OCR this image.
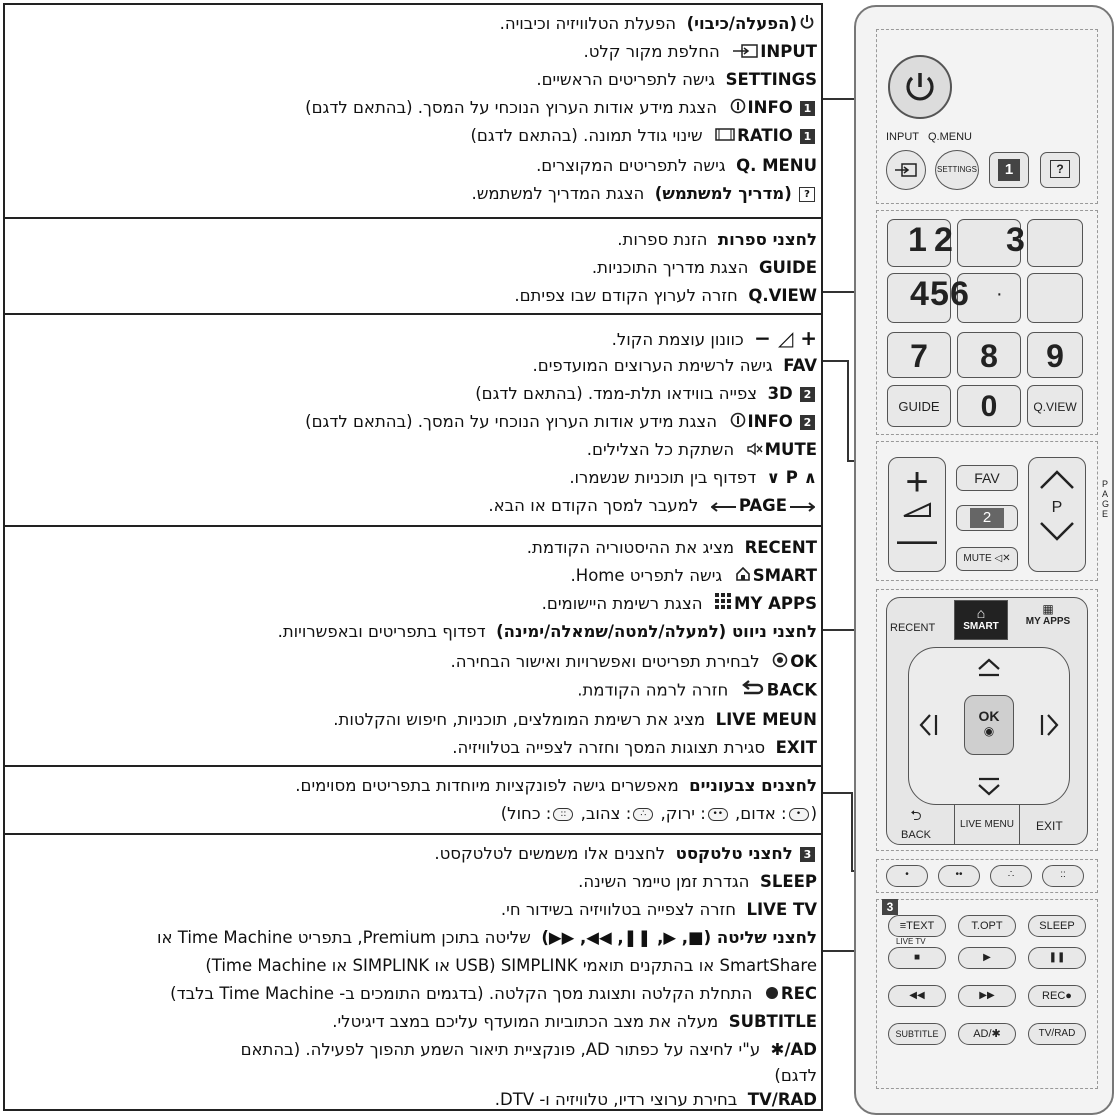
(הפעלה/כיבוי)  הפעלת הטלוויזיה וכיבויה.
INPUT  החלפת מקור קלט.
SETTINGS  גישה לתפריטים הראשיים.
1 INFO  הצגת מידע אודות הערוץ הנוכחי על המסך. (בהתאם לדגם)
1 RATIO  שינוי גודל תמונה. (בהתאם לדגם)
Q. MENU  גישה לתפריטים המקוצרים.
? (מדריך למשתמש)  הצגת המדריך למשתמש.
לחצני ספרות  הזנת ספרות.
GUIDE  הצגת מדריך התוכניות.
Q.VIEW  חזרה לערוץ הקודם שבו צפיתם.
+ ◿ −  כוונון עוצמת הקול.
FAV  גישה לרשימת הערוצים המועדפים.
2 3D  צפייה בווידאו תלת-ממד. (בהתאם לדגם)
2 INFO  הצגת מידע אודות הערוץ הנוכחי על המסך. (בהתאם לדגם)
MUTE  השתקת כל הצלילים.
∧ P ∨  דפדוף בין תוכניות שנשמרו.
PAGE  למעבר למסך הקודם או הבא.
RECENT  מציג את ההיסטוריה הקודמת.
SMART  גישה לתפריט Home.
MY APPS  הצגת רשימת היישומים.
לחצני ניווט (למעלה/למטה/שמאלה/ימינה)  דפדוף בתפריטים ובאפשרויות.
OK  לבחירת תפריטים ואפשרויות ואישור הבחירה.
BACK  חזרה לרמה הקודמת.
LIVE MEUN  מציג את רשימת המומלצים, תוכניות, חיפוש והקלטות.
EXIT  סגירת תצוגות המסך וחזרה לצפייה בטלוויזיה.
לחצנים צבעוניים  מאפשרים גישה לפונקציות מיוחדות בתפריטים מסוימים.
(•: אדום, ••: ירוק, ∴: צהוב, ::: כחול)
3 לחצני טלטקסט  לחצנים אלו משמשים לטלטקסט.
SLEEP  הגדרת זמן טיימר השינה.
LIVE TV  חזרה לצפייה בטלוויזיה בשידור חי.
לחצני שליטה (■, ▶, ❚❚, ◀◀, ▶▶)  שליטה בתוכן Premium, בתפריט Time Machine או
SmartShare או בהתקנים תואמי SIMPLINK (USB או SIMPLINK או Time Machine)
REC  התחלת הקלטה ותצוגת מסך הקלטה. (בדגמים התומכים ב- Time Machine בלבד)
SUBTITLE  מעלה את מצב הכתוביות המועדף עליכם במצב דיגיטלי.
AD/✱  ע"י לחיצה על כפתור AD, פונקציית תיאור השמע תהפוך לפעילה. (בהתאם
לדגם)
TV/RAD  בחירת ערוצי רדיו, טלוויזיה ו- DTV.
INPUT Q.MENU
SETTINGS	1	?
1 2 3
4 5 6 ·
7	8	9
GUIDE	0	Q.VIEW
+
—
FAV
2
MUTE ◁✕
P
PAGE
RECENT
⌂
SMART
▦
MY APPS
OK
◉
⮌
BACK
LIVE MENU	EXIT
•	••	∴	::
3
≡TEXT	T.OPT	SLEEP
LIVE TV
■	▶	❚❚
◀◀	▶▶	REC●
SUBTITLE	AD/✱	TV/RAD
